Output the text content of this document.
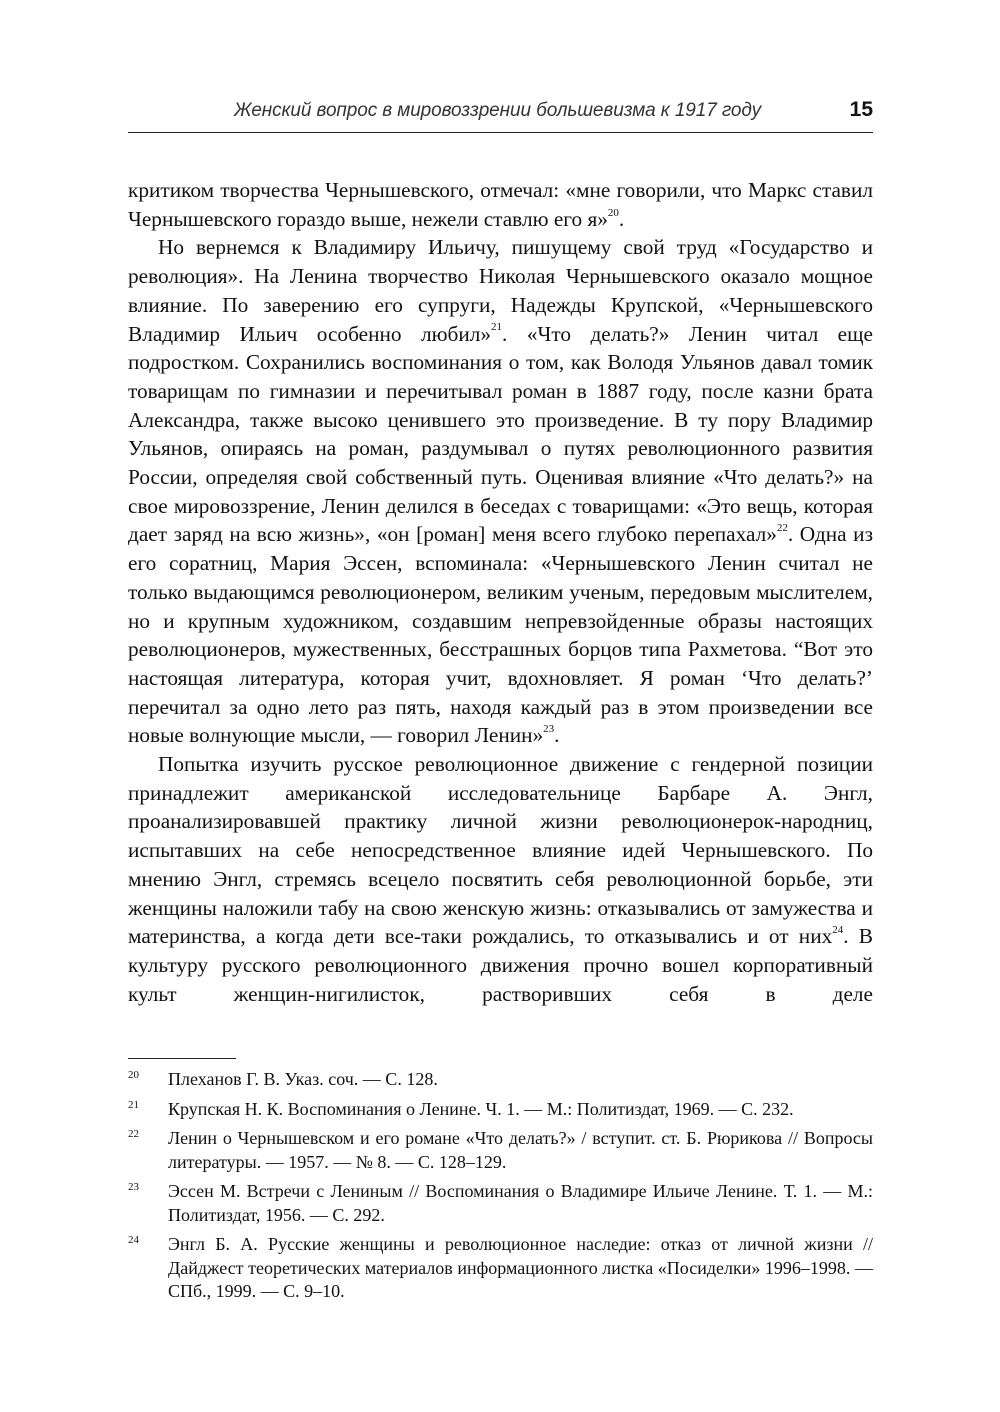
Женский вопрос в мировоззрении большевизма к 1917 году	15

критиком творчества Чернышевского, отмечал: «мне говорили, что Маркс ставил Чернышевского гораздо выше, нежели ставлю его я»$^{20}$.

Но вернемся к Владимиру Ильичу, пишущему свой труд «Государство и революция». На Ленина творчество Николая Чернышевского оказало мощное влияние. По заверению его супруги, Надежды Крупской, «Чернышевского Владимир Ильич особенно любил»$^{21}$. «Что делать?» Ленин читал еще подростком. Сохранились воспоминания о том, как Володя Ульянов давал томик товарищам по гимназии и перечитывал роман в 1887 году, после казни брата Александра, также высоко ценившего это произведение. В ту пору Владимир Ульянов, опираясь на роман, раздумывал о путях революционного развития России, определяя свой собственный путь. Оценивая влияние «Что делать?» на свое мировоззрение, Ленин делился в беседах с товарищами: «Это вещь, которая дает заряд на всю жизнь», «он [роман] меня всего глубоко перепахал»$^{22}$. Одна из его соратниц, Мария Эссен, вспоминала: «Чернышевского Ленин считал не только выдающимся революционером, великим ученым, передовым мыслителем, но и крупным художником, создавшим непревзойденные образы настоящих революционеров, мужественных, бесстрашных борцов типа Рахметова. “Вот это настоящая литература, которая учит, вдохновляет. Я роман ‘Что делать?’ перечитал за одно лето раз пять, находя каждый раз в этом произведении все новые волнующие мысли, — говорил Ленин»$^{23}$.

Попытка изучить русское революционное движение с гендерной позиции принадлежит американской исследовательнице Барбаре А. Энгл, проанализировавшей практику личной жизни революционерок-народниц, испытавших на себе непосредственное влияние идей Чернышевского. По мнению Энгл, стремясь всецело посвятить себя революционной борьбе, эти женщины наложили табу на свою женскую жизнь: отказывались от замужества и материнства, а когда дети все-таки рождались, то отказывались и от них$^{24}$. В культуру русского революционного движения прочно вошел корпоративный культ женщин-нигилисток, растворивших себя в деле

20 Плеханов Г. В. Указ. соч. — С. 128.
21 Крупская Н. К. Воспоминания о Ленине. Ч. 1. — М.: Политиздат, 1969. — С. 232.
22 Ленин о Чернышевском и его романе «Что делать?» / вступит. ст. Б. Рюрикова // Вопросы литературы. — 1957. — № 8. — С. 128–129.
23 Эссен М. Встречи с Лениным // Воспоминания о Владимире Ильиче Ленине. Т. 1. — М.: Политиздат, 1956. — С. 292.
24 Энгл Б. А. Русские женщины и революционное наследие: отказ от личной жизни // Дайджест теоретических материалов информационного листка «Посиделки» 1996–1998. — СПб., 1999. — С. 9–10.
